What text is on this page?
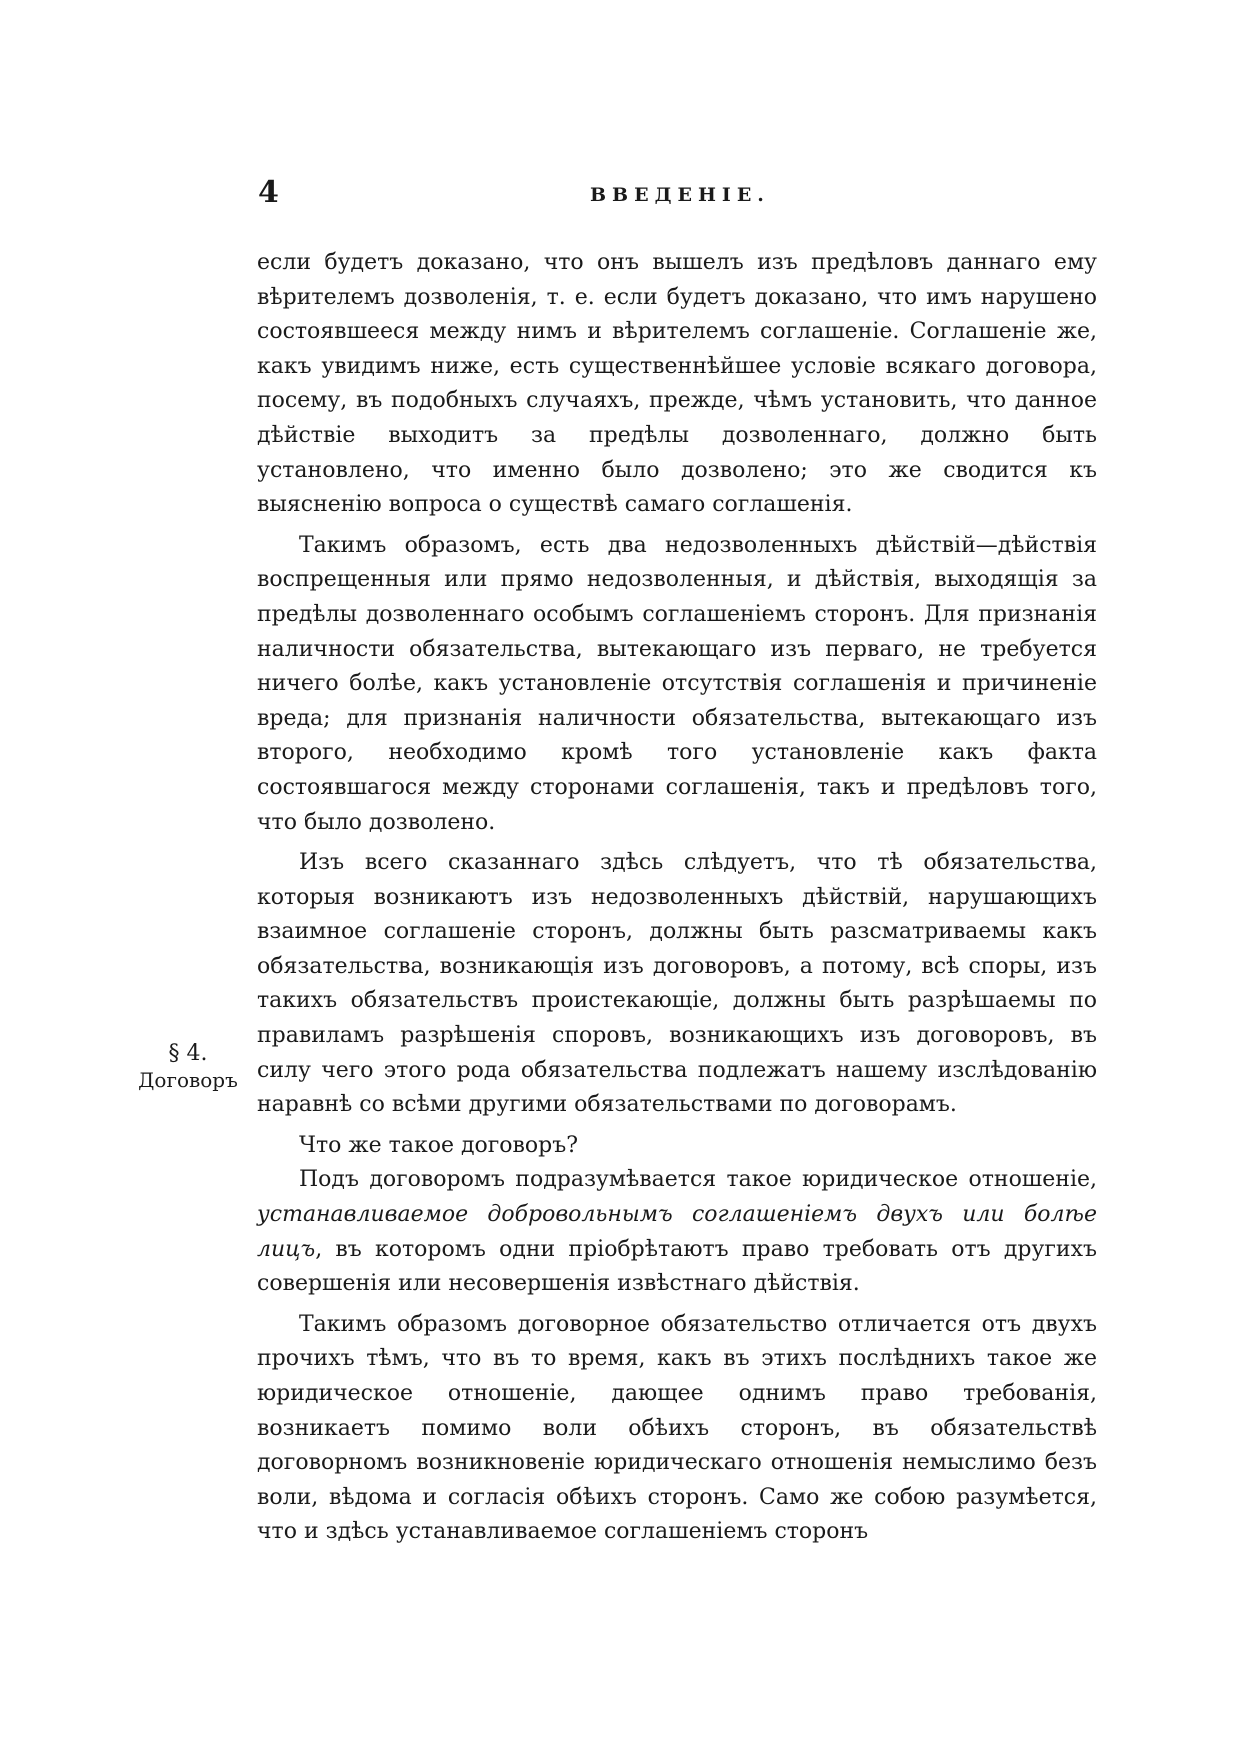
4	ВВЕДЕНІЕ.
§ 4.
Договоръ

если будетъ доказано, что онъ вышелъ изъ предѣловъ даннаго ему вѣрителемъ дозволенія, т. е. если будетъ доказано, что имъ нарушено состоявшееся между нимъ и вѣрителемъ соглашеніе. Соглашеніе же, какъ увидимъ ниже, есть существеннѣйшее условіе всякаго договора, посему, въ подобныхъ случаяхъ, прежде, чѣмъ установить, что данное дѣйствіе выходитъ за предѣлы дозволеннаго, должно быть установлено, что именно было дозволено; это же сводится къ выясненію вопроса о существѣ самаго соглашенія.

Такимъ образомъ, есть два недозволенныхъ дѣйствій—дѣйствія воспрещенныя или прямо недозволенныя, и дѣйствія, выходящія за предѣлы дозволеннаго особымъ соглашеніемъ сторонъ. Для признанія наличности обязательства, вытекающаго изъ перваго, не требуется ничего болѣе, какъ установленіе отсутствія соглашенія и причиненіе вреда; для признанія наличности обязательства, вытекающаго изъ второго, необходимо кромѣ того установленіе какъ факта состоявшагося между сторонами соглашенія, такъ и предѣловъ того, что было дозволено.

Изъ всего сказаннаго здѣсь слѣдуетъ, что тѣ обязательства, которыя возникаютъ изъ недозволенныхъ дѣйствій, нарушающихъ взаимное соглашеніе сторонъ, должны быть разсматриваемы какъ обязательства, возникающія изъ договоровъ, а потому, всѣ споры, изъ такихъ обязательствъ проистекающіе, должны быть разрѣшаемы по правиламъ разрѣшенія споровъ, возникающихъ изъ договоровъ, въ силу чего этого рода обязательства подлежатъ нашему изслѣдованію наравнѣ со всѣми другими обязательствами по договорамъ.

Что же такое договоръ?

Подъ договоромъ подразумѣвается такое юридическое отношеніе, устанавливаемое добровольнымъ соглашеніемъ двухъ или болѣе лицъ, въ которомъ одни пріобрѣтаютъ право требовать отъ другихъ совершенія или несовершенія извѣстнаго дѣйствія.

Такимъ образомъ договорное обязательство отличается отъ двухъ прочихъ тѣмъ, что въ то время, какъ въ этихъ послѣднихъ такое же юридическое отношеніе, дающее однимъ право требованія, возникаетъ помимо воли обѣихъ сторонъ, въ обязательствѣ договорномъ возникновеніе юридическаго отношенія немыслимо безъ воли, вѣдома и согласія обѣихъ сторонъ. Само же собою разумѣется, что и здѣсь устанавливаемое соглашеніемъ сторонъ
